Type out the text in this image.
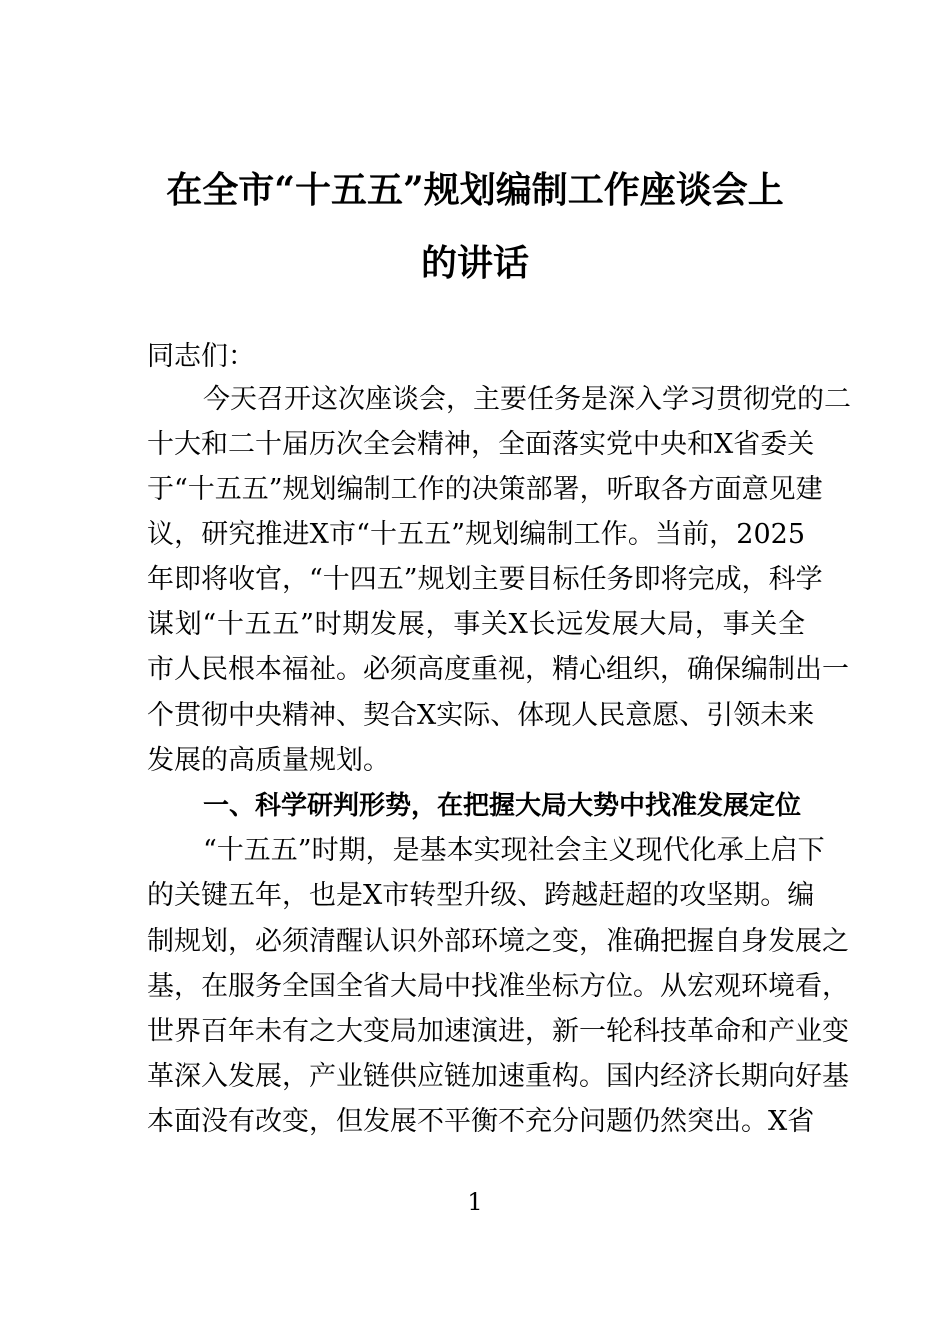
在全市“十五五”规划编制工作座谈会上
的讲话
同志们：
今天召开这次座谈会，主要任务是深入学习贯彻党的二
十大和二十届历次全会精神，全面落实党中央和X省委关
于“十五五”规划编制工作的决策部署，听取各方面意见建
议，研究推进X市“十五五”规划编制工作。当前，2025
年即将收官，“十四五”规划主要目标任务即将完成，科学
谋划“十五五”时期发展，事关X长远发展大局，事关全
市人民根本福祉。必须高度重视，精心组织，确保编制出一
个贯彻中央精神、契合X实际、体现人民意愿、引领未来
发展的高质量规划。
一、科学研判形势，在把握大局大势中找准发展定位
“十五五”时期，是基本实现社会主义现代化承上启下
的关键五年，也是X市转型升级、跨越赶超的攻坚期。编
制规划，必须清醒认识外部环境之变，准确把握自身发展之
基，在服务全国全省大局中找准坐标方位。从宏观环境看，
世界百年未有之大变局加速演进，新一轮科技革命和产业变
革深入发展，产业链供应链加速重构。国内经济长期向好基
本面没有改变，但发展不平衡不充分问题仍然突出。X省
1
